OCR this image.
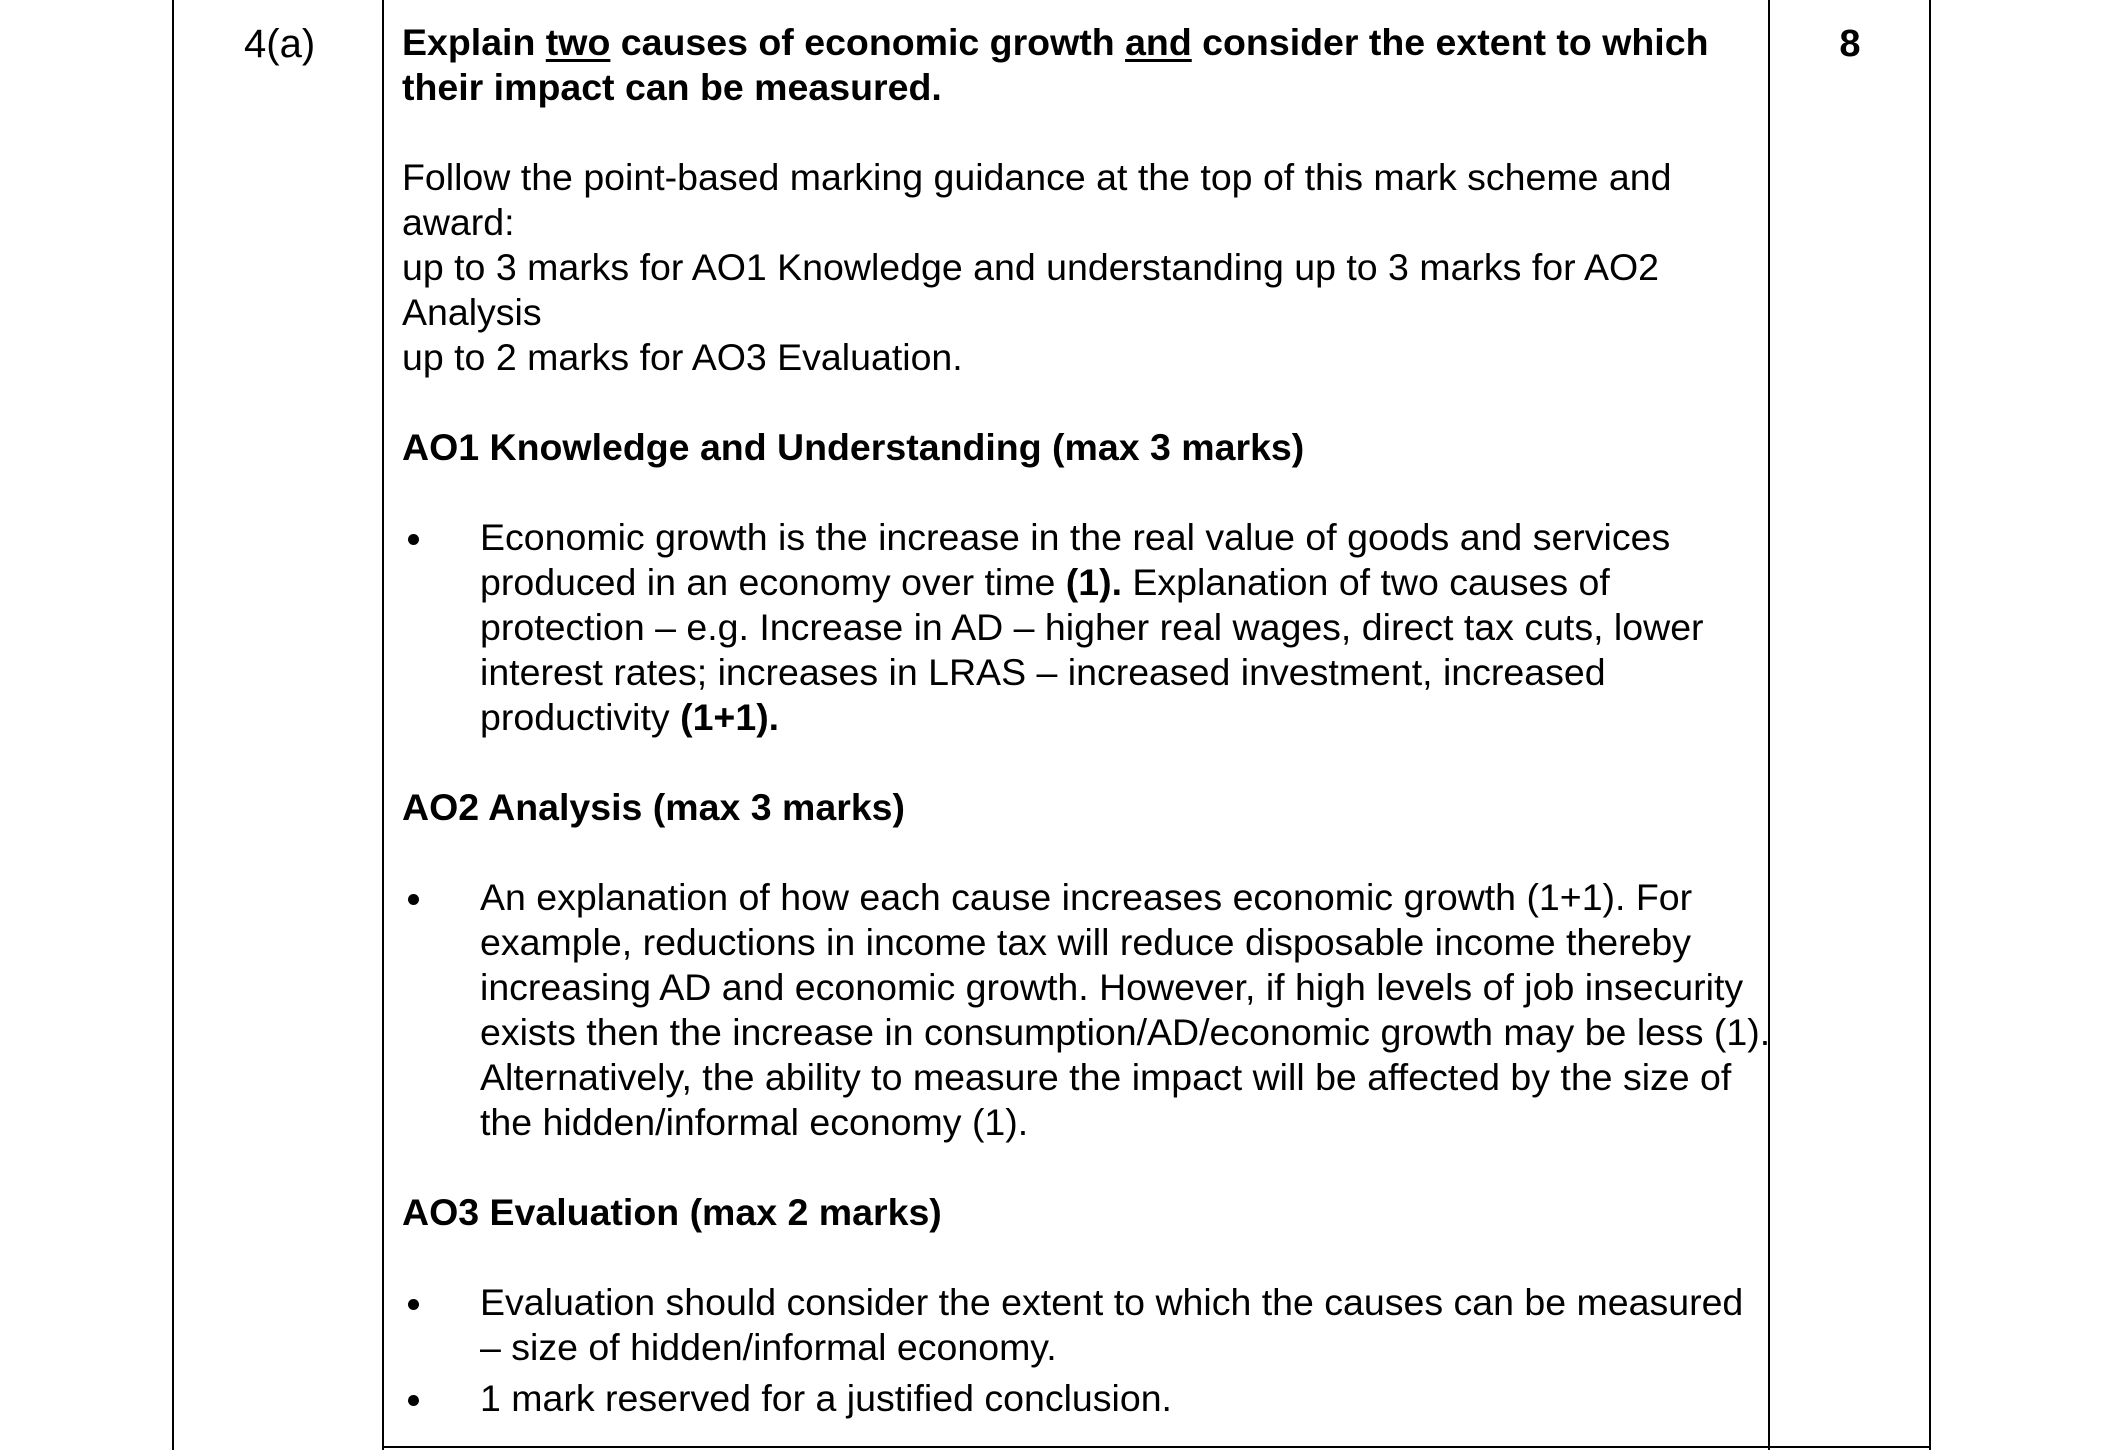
4(a)	8

Explain two causes of economic growth and consider the extent to which their impact can be measured.

Follow the point-based marking guidance at the top of this mark scheme and award:

up to 3 marks for AO1 Knowledge and understanding up to 3 marks for AO2 Analysis

up to 2 marks for AO3 Evaluation.

AO1 Knowledge and Understanding (max 3 marks)

Economic growth is the increase in the real value of goods and services produced in an economy over time (1). Explanation of two causes of protection – e.g. Increase in AD – higher real wages, direct tax cuts, lower interest rates; increases in LRAS – increased investment, increased productivity (1+1).

AO2 Analysis (max 3 marks)

An explanation of how each cause increases economic growth (1+1). For example, reductions in income tax will reduce disposable income thereby increasing AD and economic growth. However, if high levels of job insecurity exists then the increase in consumption/AD/economic growth may be less (1). Alternatively, the ability to measure the impact will be affected by the size of the hidden/informal economy (1).

AO3 Evaluation (max 2 marks)

Evaluation should consider the extent to which the causes can be measured – size of hidden/informal economy.
1 mark reserved for a justified conclusion.
